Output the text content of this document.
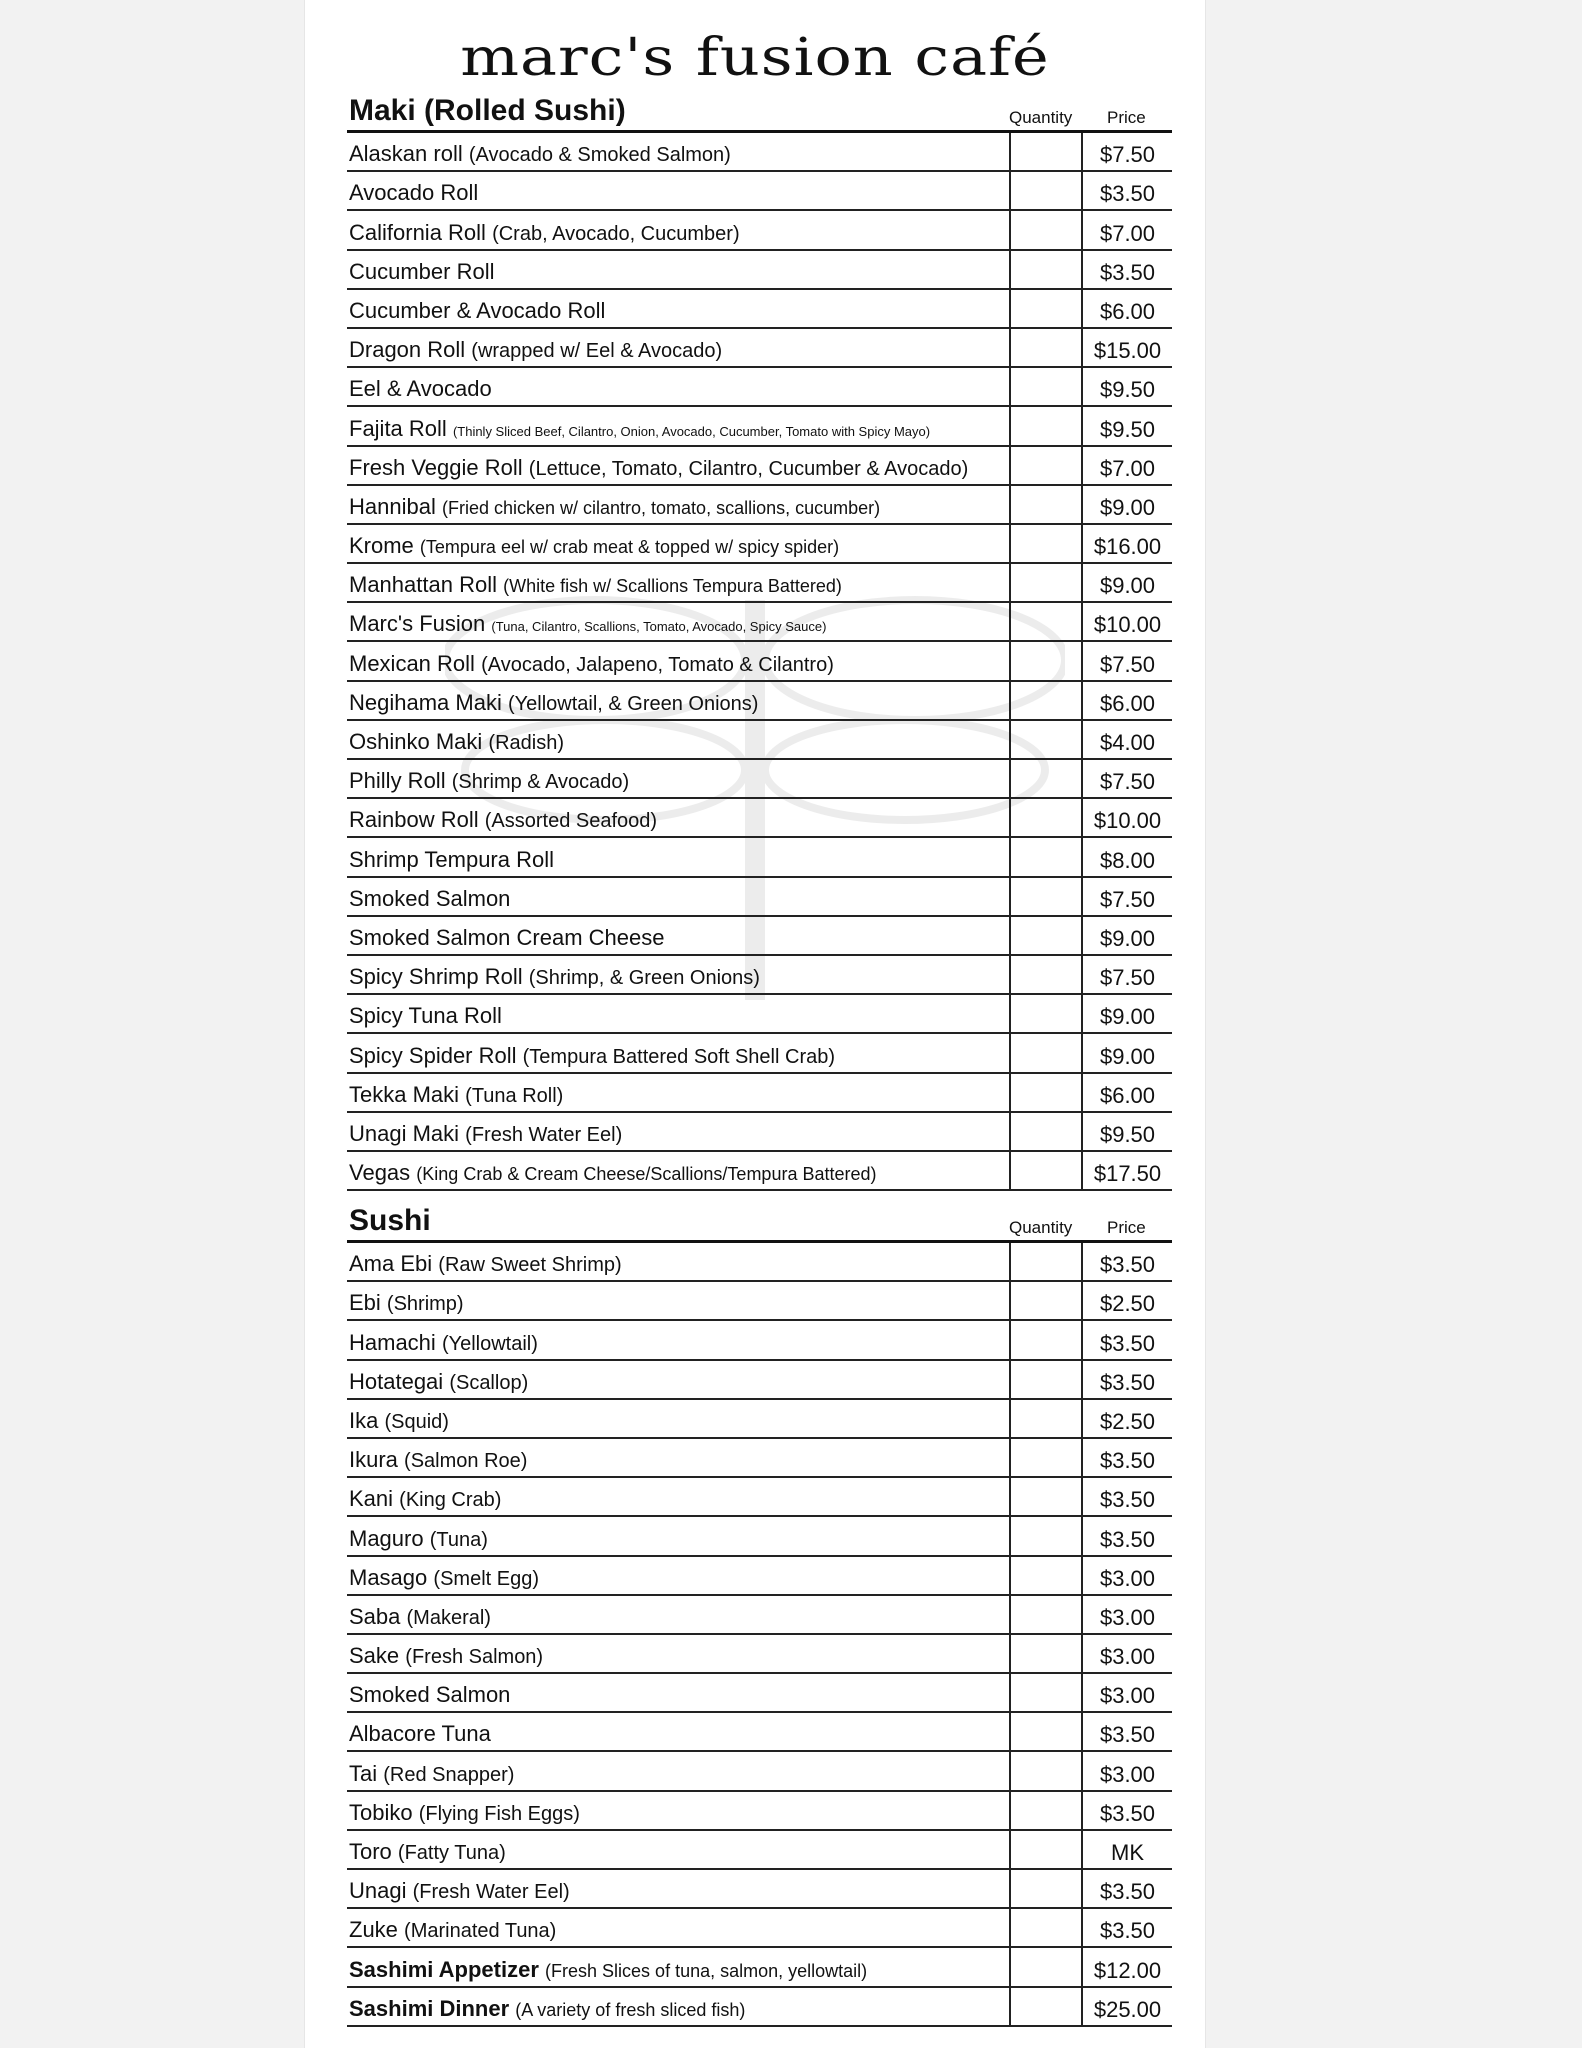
marc's fusion café
Maki (Rolled Sushi)	Quantity Price
Alaskan roll (Avocado & Smoked Salmon)	$7.50
Avocado Roll	$3.50
California Roll (Crab, Avocado, Cucumber)	$7.00
Cucumber Roll	$3.50
Cucumber & Avocado Roll	$6.00
Dragon Roll (wrapped w/ Eel & Avocado)	$15.00
Eel & Avocado	$9.50
Fajita Roll (Thinly Sliced Beef, Cilantro, Onion, Avocado, Cucumber, Tomato with Spicy Mayo)	$9.50
Fresh Veggie Roll (Lettuce, Tomato, Cilantro, Cucumber & Avocado)	$7.00
Hannibal (Fried chicken w/ cilantro, tomato, scallions, cucumber)	$9.00
Krome (Tempura eel w/ crab meat & topped w/ spicy spider)	$16.00
Manhattan Roll (White fish w/ Scallions Tempura Battered)	$9.00
Marc's Fusion (Tuna, Cilantro, Scallions, Tomato, Avocado, Spicy Sauce)	$10.00
Mexican Roll (Avocado, Jalapeno, Tomato & Cilantro)	$7.50
Negihama Maki (Yellowtail, & Green Onions)	$6.00
Oshinko Maki (Radish)	$4.00
Philly Roll (Shrimp & Avocado)	$7.50
Rainbow Roll (Assorted Seafood)	$10.00
Shrimp Tempura Roll	$8.00
Smoked Salmon	$7.50
Smoked Salmon Cream Cheese	$9.00
Spicy Shrimp Roll (Shrimp, & Green Onions)	$7.50
Spicy Tuna Roll	$9.00
Spicy Spider Roll (Tempura Battered Soft Shell Crab)	$9.00
Tekka Maki (Tuna Roll)	$6.00
Unagi Maki (Fresh Water Eel)	$9.50
Vegas (King Crab & Cream Cheese/Scallions/Tempura Battered)	$17.50
Sushi	Quantity Price
Ama Ebi (Raw Sweet Shrimp)	$3.50
Ebi (Shrimp)	$2.50
Hamachi (Yellowtail)	$3.50
Hotategai (Scallop)	$3.50
Ika (Squid)	$2.50
Ikura (Salmon Roe)	$3.50
Kani (King Crab)	$3.50
Maguro (Tuna)	$3.50
Masago (Smelt Egg)	$3.00
Saba (Makeral)	$3.00
Sake (Fresh Salmon)	$3.00
Smoked Salmon	$3.00
Albacore Tuna	$3.50
Tai (Red Snapper)	$3.00
Tobiko (Flying Fish Eggs)	$3.50
Toro (Fatty Tuna)	MK
Unagi (Fresh Water Eel)	$3.50
Zuke (Marinated Tuna)	$3.50
Sashimi Appetizer (Fresh Slices of tuna, salmon, yellowtail)	$12.00
Sashimi Dinner (A variety of fresh sliced fish)	$25.00
